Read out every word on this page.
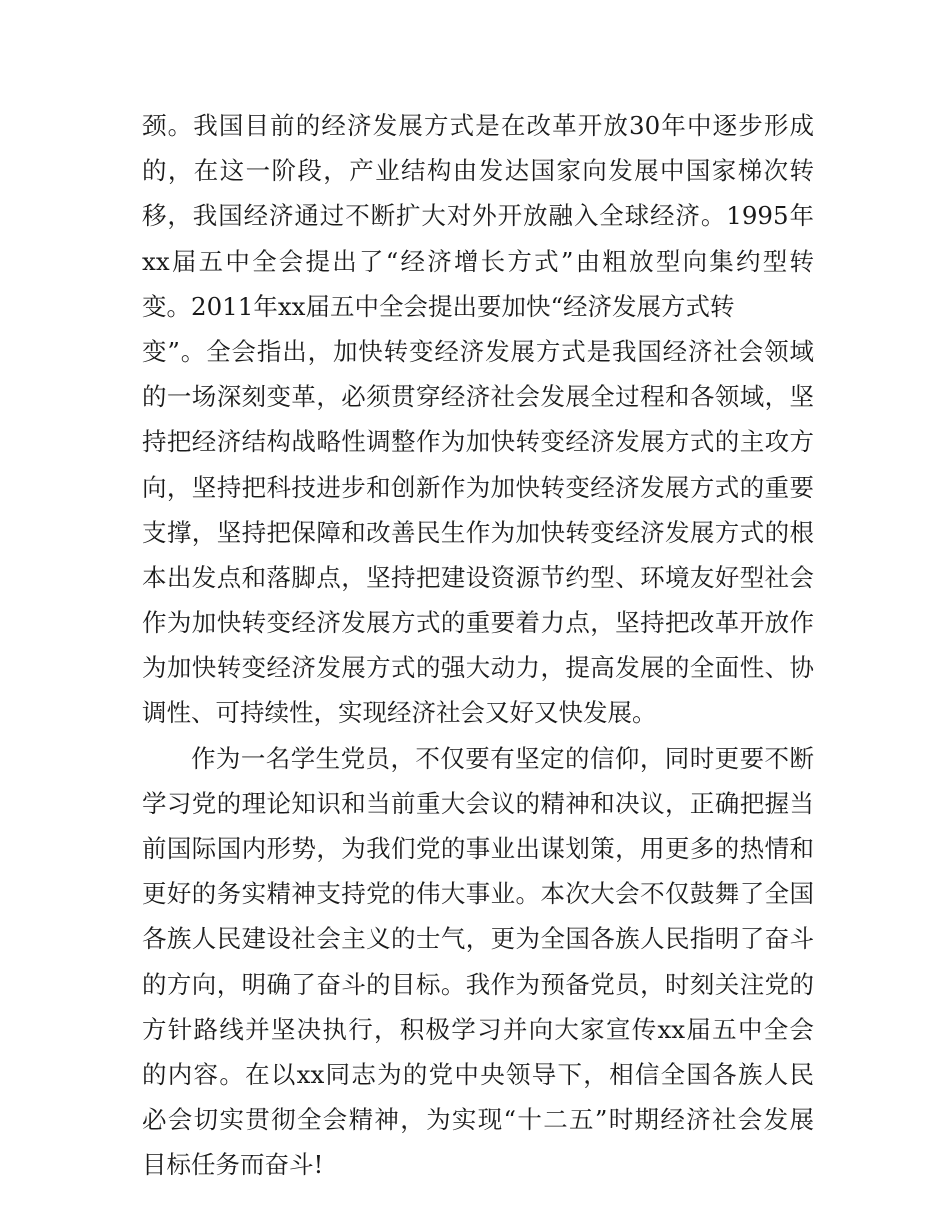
颈。我国目前的经济发展方式是在改革开放30年中逐步形成
的，在这一阶段，产业结构由发达国家向发展中国家梯次转
移，我国经济通过不断扩大对外开放融入全球经济。1995年
xx届五中全会提出了“经济增长方式”由粗放型向集约型转
变。2011年xx届五中全会提出要加快“经济发展方式转
变”。全会指出，加快转变经济发展方式是我国经济社会领域
的一场深刻变革，必须贯穿经济社会发展全过程和各领域，坚
持把经济结构战略性调整作为加快转变经济发展方式的主攻方
向，坚持把科技进步和创新作为加快转变经济发展方式的重要
支撑，坚持把保障和改善民生作为加快转变经济发展方式的根
本出发点和落脚点，坚持把建设资源节约型、环境友好型社会
作为加快转变经济发展方式的重要着力点，坚持把改革开放作
为加快转变经济发展方式的强大动力，提高发展的全面性、协
调性、可持续性，实现经济社会又好又快发展。
作为一名学生党员，不仅要有坚定的信仰，同时更要不断
学习党的理论知识和当前重大会议的精神和决议，正确把握当
前国际国内形势，为我们党的事业出谋划策，用更多的热情和
更好的务实精神支持党的伟大事业。本次大会不仅鼓舞了全国
各族人民建设社会主义的士气，更为全国各族人民指明了奋斗
的方向，明确了奋斗的目标。我作为预备党员，时刻关注党的
方针路线并坚决执行，积极学习并向大家宣传xx届五中全会
的内容。在以xx同志为的党中央领导下，相信全国各族人民
必会切实贯彻全会精神，为实现“十二五”时期经济社会发展
目标任务而奋斗!
